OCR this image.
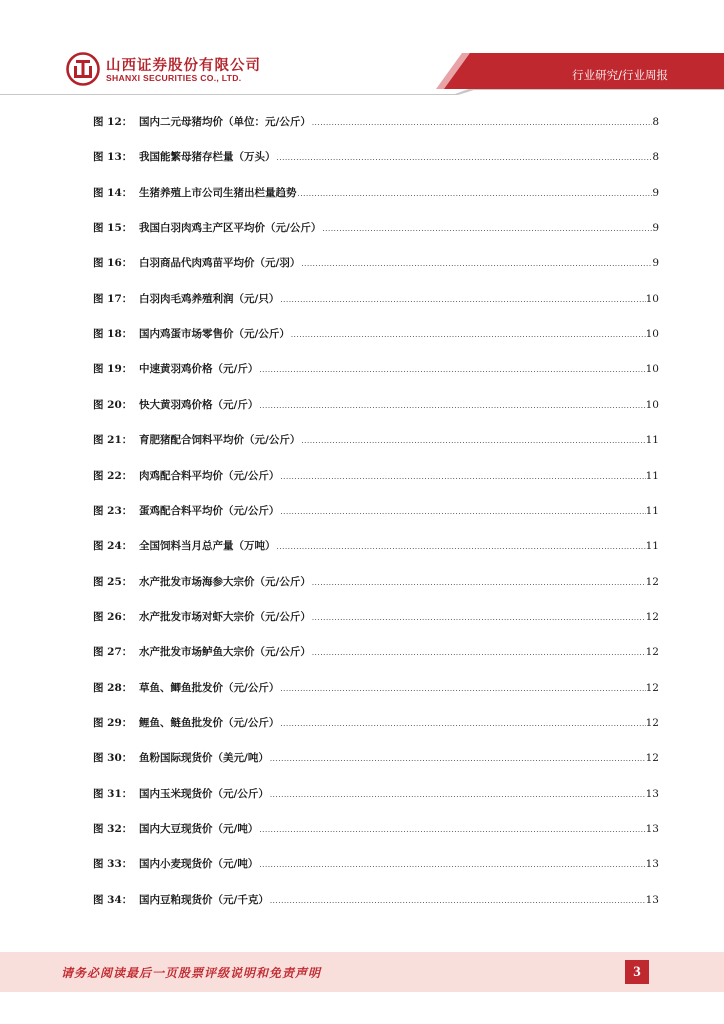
山西证券股份有限公司
SHANXI SECURITIES CO., LTD.	行业研究/行业周报
图 12： 国内二元母猪均价（单位：元/公斤） .....	8
图 13： 我国能繁母猪存栏量（万头） .....	8
图 14： 生猪养殖上市公司生猪出栏量趋势 .....	9
图 15： 我国白羽肉鸡主产区平均价（元/公斤） .....	9
图 16： 白羽商品代肉鸡苗平均价（元/羽） .....	9
图 17： 白羽肉毛鸡养殖利润（元/只） .....	10
图 18： 国内鸡蛋市场零售价（元/公斤） .....	10
图 19： 中速黄羽鸡价格（元/斤） .....	10
图 20： 快大黄羽鸡价格（元/斤） .....	10
图 21： 育肥猪配合饲料平均价（元/公斤） .....	11
图 22： 肉鸡配合料平均价（元/公斤） .....	11
图 23： 蛋鸡配合料平均价（元/公斤） .....	11
图 24： 全国饲料当月总产量（万吨） .....	11
图 25： 水产批发市场海参大宗价（元/公斤） .....	12
图 26： 水产批发市场对虾大宗价（元/公斤） .....	12
图 27： 水产批发市场鲈鱼大宗价（元/公斤） .....	12
图 28： 草鱼、鲫鱼批发价（元/公斤） .....	12
图 29： 鲤鱼、鲢鱼批发价（元/公斤） .....	12
图 30： 鱼粉国际现货价（美元/吨） .....	12
图 31： 国内玉米现货价（元/公斤） .....	13
图 32： 国内大豆现货价（元/吨） .....	13
图 33： 国内小麦现货价（元/吨） .....	13
图 34： 国内豆粕现货价（元/千克） .....	13
请务必阅读最后一页股票评级说明和免责声明	3
